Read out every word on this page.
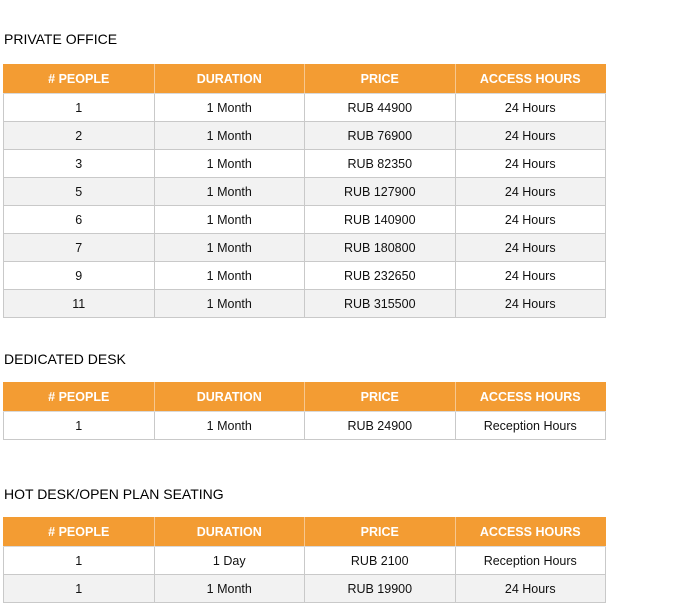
PRIVATE OFFICE
# PEOPLE	DURATION	PRICE	ACCESS HOURS
1	1 Month	RUB 44900	24 Hours
2	1 Month	RUB 76900	24 Hours
3	1 Month	RUB 82350	24 Hours
5	1 Month	RUB 127900	24 Hours
6	1 Month	RUB 140900	24 Hours
7	1 Month	RUB 180800	24 Hours
9	1 Month	RUB 232650	24 Hours
11	1 Month	RUB 315500	24 Hours
DEDICATED DESK
# PEOPLE	DURATION	PRICE	ACCESS HOURS
1	1 Month	RUB 24900	Reception Hours
HOT DESK/OPEN PLAN SEATING
# PEOPLE	DURATION	PRICE	ACCESS HOURS
1	1 Day	RUB 2100	Reception Hours
1	1 Month	RUB 19900	24 Hours
